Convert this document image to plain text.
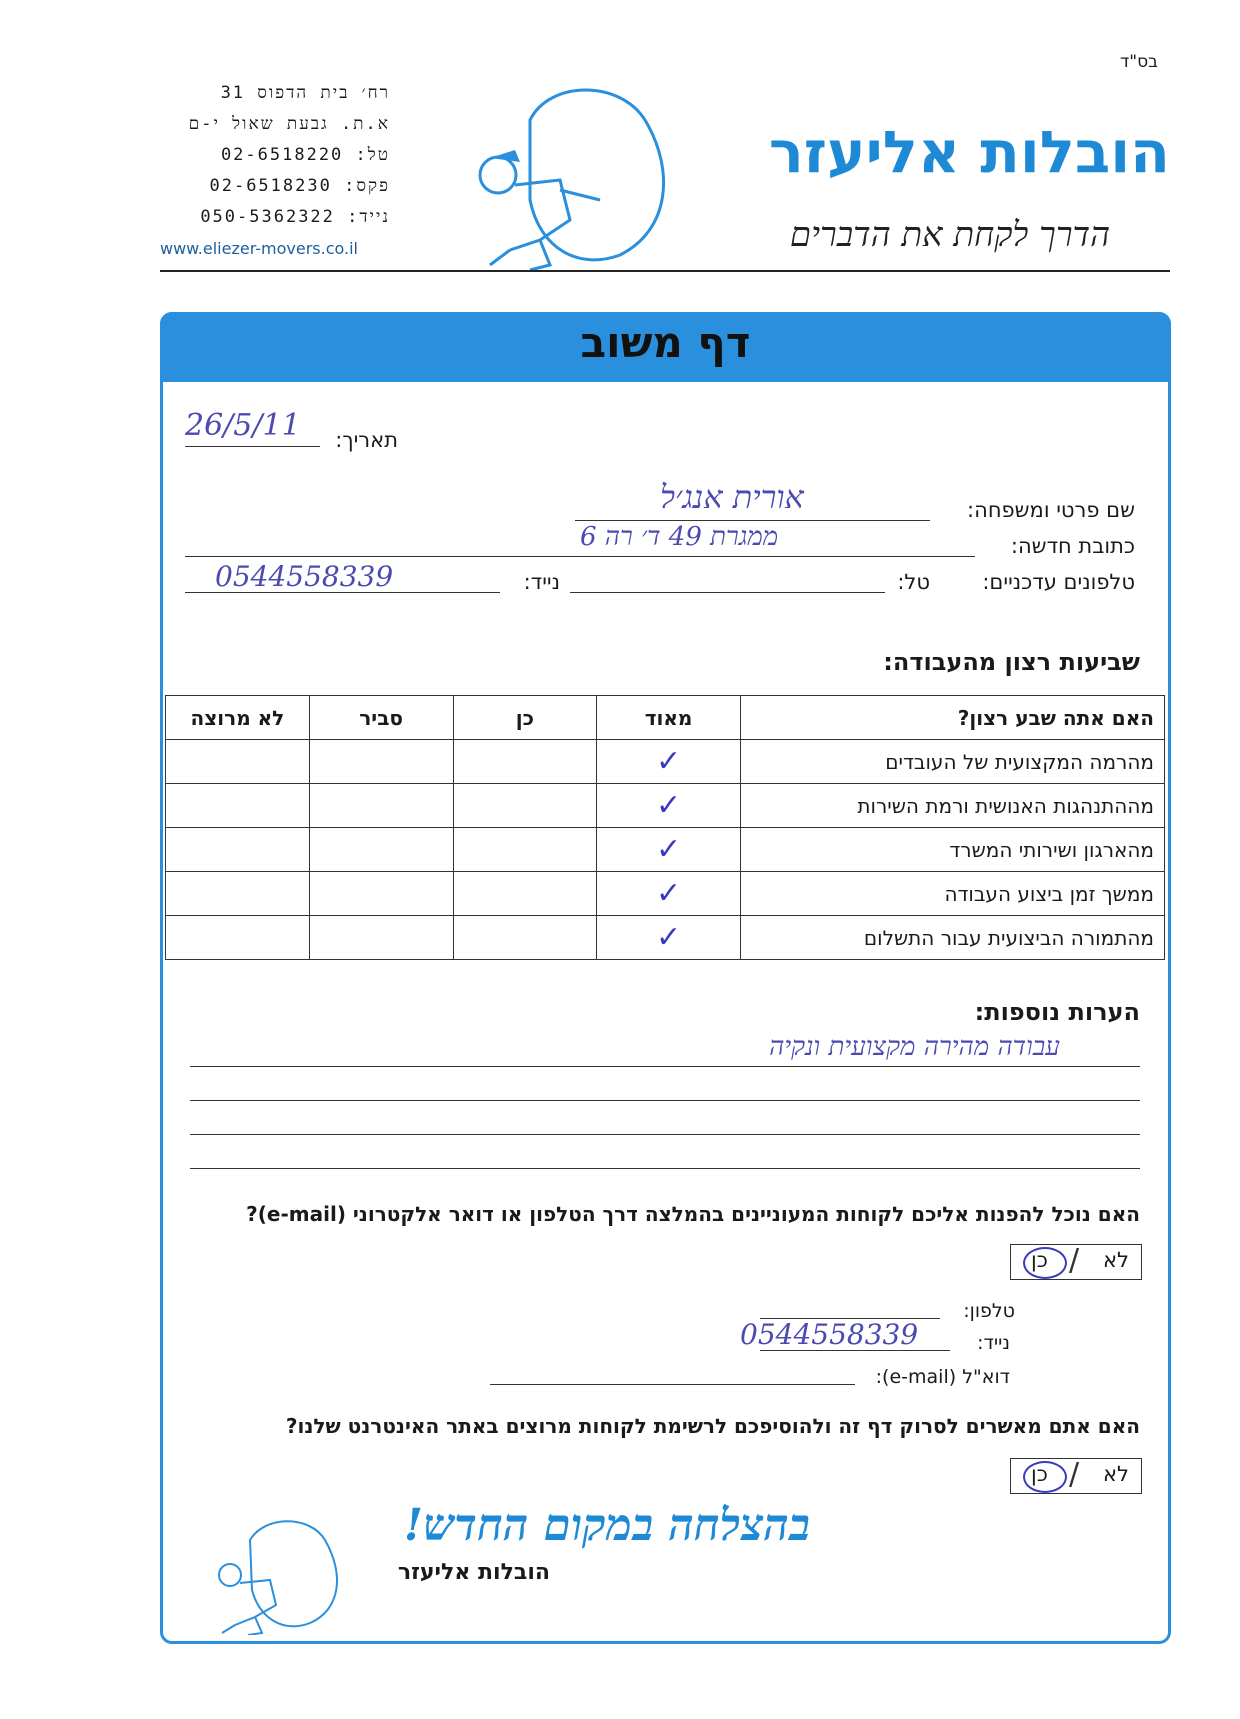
בס"ד
רח׳ בית הדפוס 31
א.ת. גבעת שאול י-ם
טל: 02-6518220
פקס: 02-6518230
נייד: 050-5362322
www.eliezer-movers.co.il
הובלות אליעזר
הדרך לקחת את הדברים
דף משוב
תאריך:
26/5/11
שם פרטי ומשפחה:
אורית אנג׳ל
כתובת חדשה:
ממגרת 49 ד׳ רה 6
טלפונים עדכניים:
טל:
נייד:
0544558339
שביעות רצון מהעבודה:
האם אתה שבע רצון?	מאוד	כן	סביר	לא מרוצה
מהרמה המקצועית של העובדים	✓			
מההתנהגות האנושית ורמת השירות	✓			
מהארגון ושירותי המשרד	✓			
ממשך זמן ביצוע העבודה	✓			
מהתמורה הביצועית עבור התשלום	✓			
הערות נוספות:
עבודה מהירה מקצועית ונקיה
האם נוכל להפנות אליכם לקוחות המעוניינים בהמלצה דרך הטלפון או דואר אלקטרוני (e-mail)?
לא
/
כן
טלפון:
נייד:
0544558339
דוא"ל (e-mail):
האם אתם מאשרים לסרוק דף זה ולהוסיפכם לרשימת לקוחות מרוצים באתר האינטרנט שלנו?
לא
/
כן
בהצלחה במקום החדש!
הובלות אליעזר
